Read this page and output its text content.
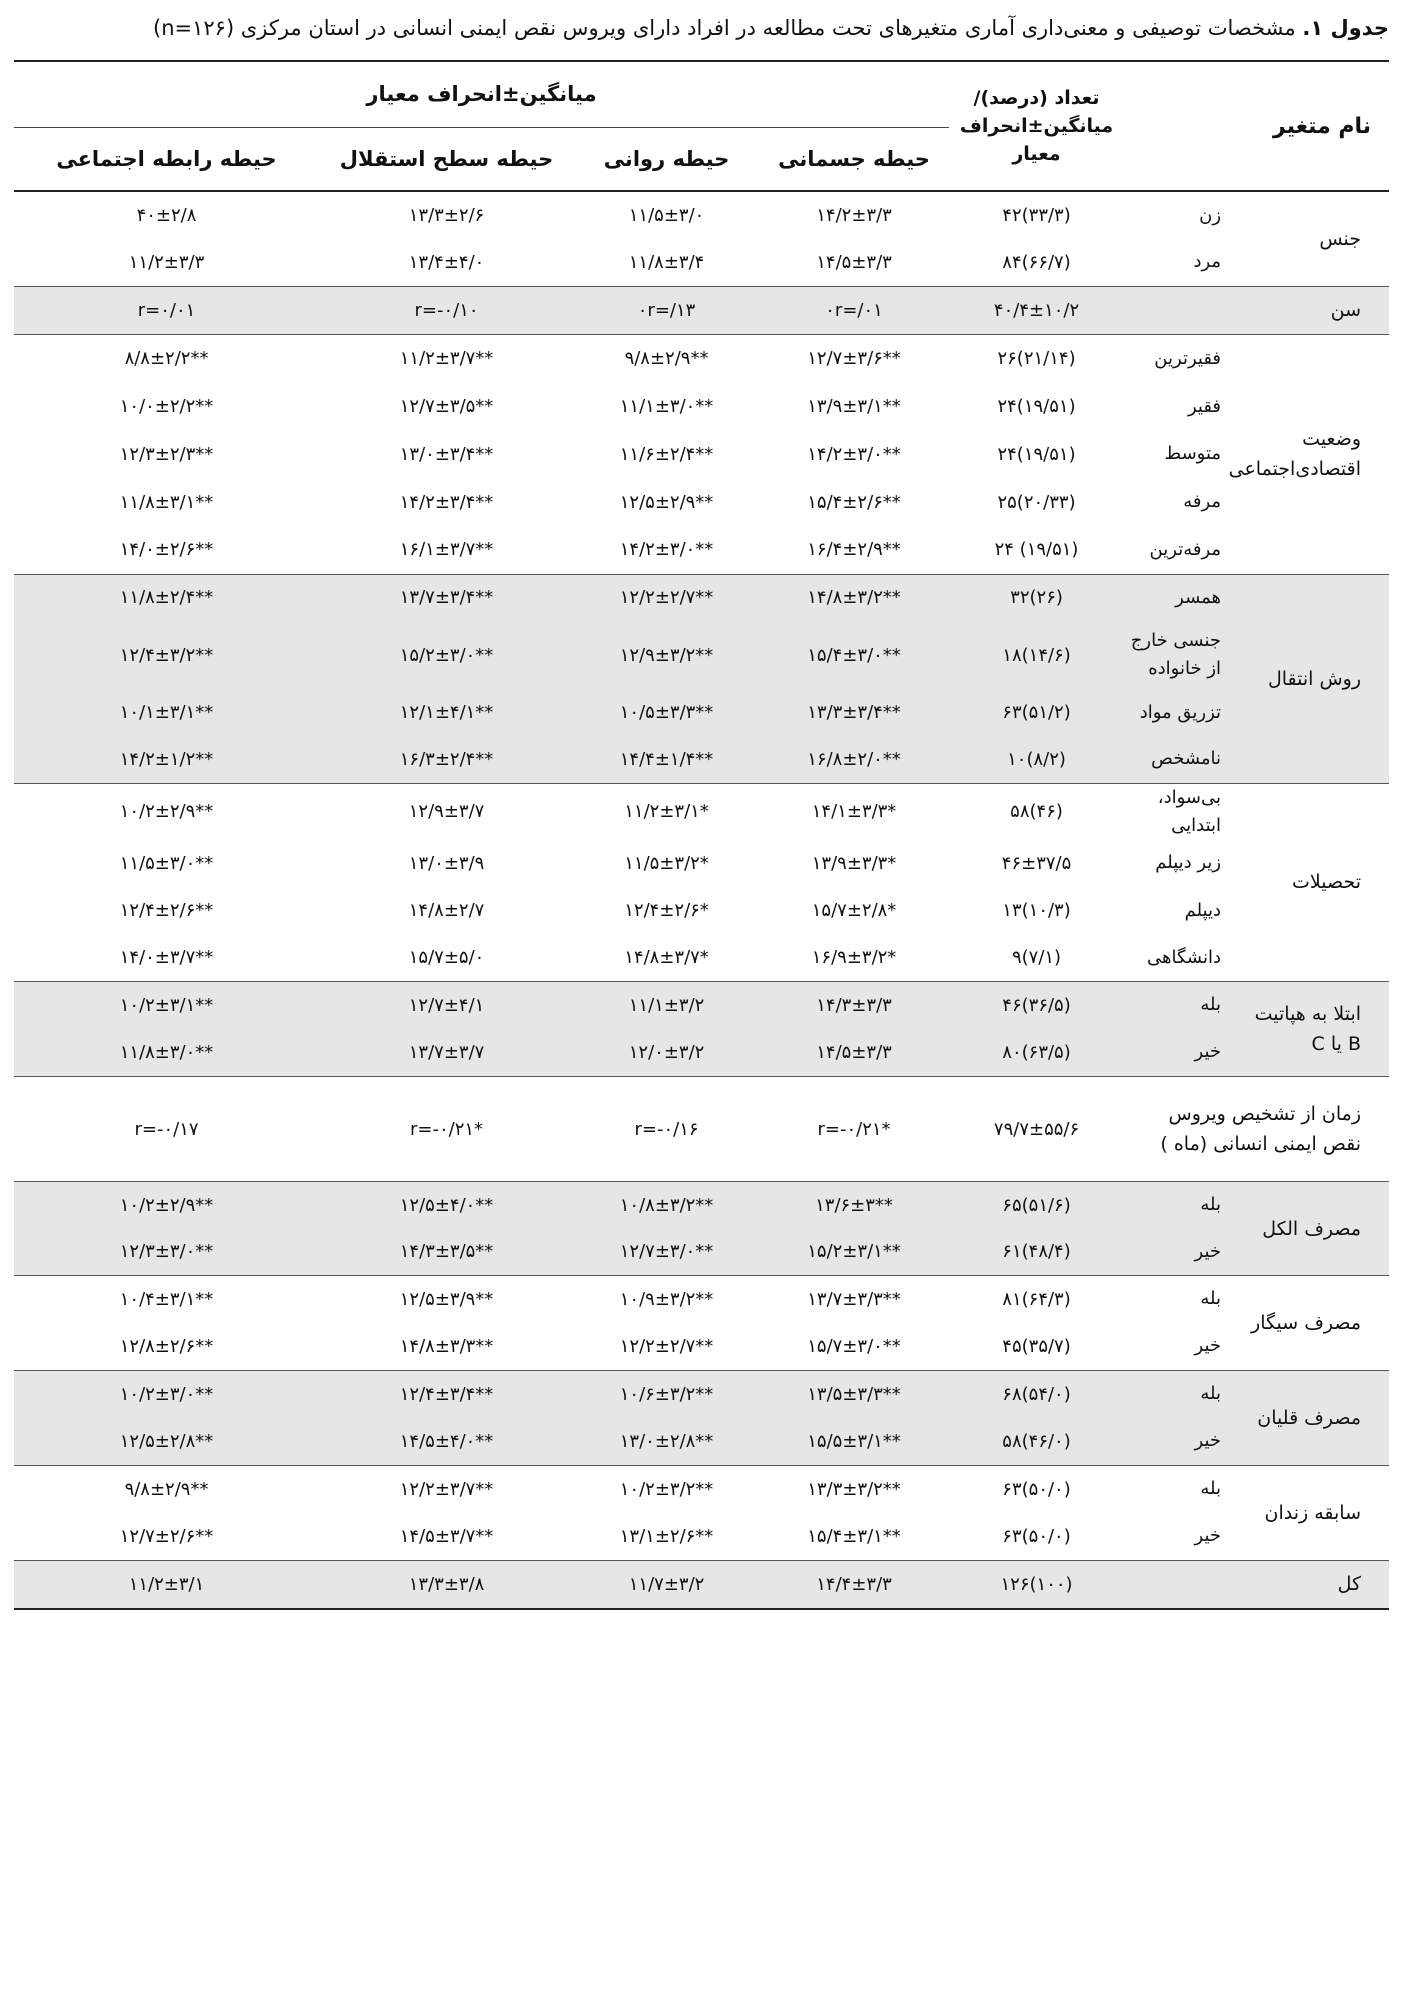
جدول ۱. مشخصات توصیفی و معنی‌داری آماری متغیرهای تحت مطالعه در افراد دارای ویروس نقص ایمنی انسانی در استان مرکزی (n=۱۲۶)
نام متغیر		تعداد (درصد)/
میانگین±انحراف
معیار	میانگین±انحراف معیار			
			حیطه جسمانی	حیطه روانی	حیطه سطح استقلال	حیطه رابطه اجتماعی
جنس	زن	۴۲(۳۳/۳)	۱۴/۲±۳/۳	۱۱/۵±۳/۰	۱۳/۳±۲/۶	۴۰±۲/۸
	مرد	۸۴(۶۶/۷)	۱۴/۵±۳/۳	۱۱/۸±۳/۴	۱۳/۴±۴/۰	۱۱/۲±۳/۳
سن		۴۰/۴±۱۰/۲	۰r=/۰۱	۰r=/۱۳	r=-۰/۱۰	r=۰/۰۱
وضعیت اقتصادی‌اجتماعی	فقیرترین	۲۶(۲۱/۱۴)	۱۲/۷±۳/۶**	۹/۸±۲/۹**	۱۱/۲±۳/۷**	۸/۸±۲/۲**
	فقیر	۲۴(۱۹/۵۱)	۱۳/۹±۳/۱**	۱۱/۱±۳/۰**	۱۲/۷±۳/۵**	۱۰/۰±۲/۲**
	متوسط	۲۴(۱۹/۵۱)	۱۴/۲±۳/۰**	۱۱/۶±۲/۴**	۱۳/۰±۳/۴**	۱۲/۳±۲/۳**
	مرفه	۲۵(۲۰/۳۳)	۱۵/۴±۲/۶**	۱۲/۵±۲/۹**	۱۴/۲±۳/۴**	۱۱/۸±۳/۱**
	مرفه‌ترین	۲۴ (۱۹/۵۱)	۱۶/۴±۲/۹**	۱۴/۲±۳/۰**	۱۶/۱±۳/۷**	۱۴/۰±۲/۶**
روش انتقال	همسر	۳۲(۲۶)	۱۴/۸±۳/۲**	۱۲/۲±۲/۷**	۱۳/۷±۳/۴**	۱۱/۸±۲/۴**
	جنسی خارج از خانواده	۱۸(۱۴/۶)	۱۵/۴±۳/۰**	۱۲/۹±۳/۲**	۱۵/۲±۳/۰**	۱۲/۴±۳/۲**
	تزریق مواد	۶۳(۵۱/۲)	۱۳/۳±۳/۴**	۱۰/۵±۳/۳**	۱۲/۱±۴/۱**	۱۰/۱±۳/۱**
	نامشخص	۱۰(۸/۲)	۱۶/۸±۲/۰**	۱۴/۴±۱/۴**	۱۶/۳±۲/۴**	۱۴/۲±۱/۲**
تحصیلات	بی‌سواد، ابتدایی	۵۸(۴۶)	۱۴/۱±۳/۳*	۱۱/۲±۳/۱*	۱۲/۹±۳/۷	۱۰/۲±۲/۹**
	زیر دیپلم	۴۶±۳۷/۵	۱۳/۹±۳/۳*	۱۱/۵±۳/۲*	۱۳/۰±۳/۹	۱۱/۵±۳/۰**
	دیپلم	۱۳(۱۰/۳)	۱۵/۷±۲/۸*	۱۲/۴±۲/۶*	۱۴/۸±۲/۷	۱۲/۴±۲/۶**
	دانشگاهی	۹(۷/۱)	۱۶/۹±۳/۲*	۱۴/۸±۳/۷*	۱۵/۷±۵/۰	۱۴/۰±۳/۷**
ابتلا به هپاتیت B یا C	بله	۴۶(۳۶/۵)	۱۴/۳±۳/۳	۱۱/۱±۳/۲	۱۲/۷±۴/۱	۱۰/۲±۳/۱**
	خیر	۸۰(۶۳/۵)	۱۴/۵±۳/۳	۱۲/۰±۳/۲	۱۳/۷±۳/۷	۱۱/۸±۳/۰**
زمان از تشخیص ویروس نقص ایمنی انسانی (ماه )		۷۹/۷±۵۵/۶	r=-۰/۲۱*	r=-۰/۱۶	r=-۰/۲۱*	r=-۰/۱۷
مصرف الکل	بله	۶۵(۵۱/۶)	۱۳/۶±۳**	۱۰/۸±۳/۲**	۱۲/۵±۴/۰**	۱۰/۲±۲/۹**
	خیر	۶۱(۴۸/۴)	۱۵/۲±۳/۱**	۱۲/۷±۳/۰**	۱۴/۳±۳/۵**	۱۲/۳±۳/۰**
مصرف سیگار	بله	۸۱(۶۴/۳)	۱۳/۷±۳/۳**	۱۰/۹±۳/۲**	۱۲/۵±۳/۹**	۱۰/۴±۳/۱**
	خیر	۴۵(۳۵/۷)	۱۵/۷±۳/۰**	۱۲/۲±۲/۷**	۱۴/۸±۳/۳**	۱۲/۸±۲/۶**
مصرف قلیان	بله	۶۸(۵۴/۰)	۱۳/۵±۳/۳**	۱۰/۶±۳/۲**	۱۲/۴±۳/۴**	۱۰/۲±۳/۰**
	خیر	۵۸(۴۶/۰)	۱۵/۵±۳/۱**	۱۳/۰±۲/۸**	۱۴/۵±۴/۰**	۱۲/۵±۲/۸**
سابقه زندان	بله	۶۳(۵۰/۰)	۱۳/۳±۳/۲**	۱۰/۲±۳/۲**	۱۲/۲±۳/۷**	۹/۸±۲/۹**
	خیر	۶۳(۵۰/۰)	۱۵/۴±۳/۱**	۱۳/۱±۲/۶**	۱۴/۵±۳/۷**	۱۲/۷±۲/۶**
کل		۱۲۶(۱۰۰)	۱۴/۴±۳/۳	۱۱/۷±۳/۲	۱۳/۳±۳/۸	۱۱/۲±۳/۱
